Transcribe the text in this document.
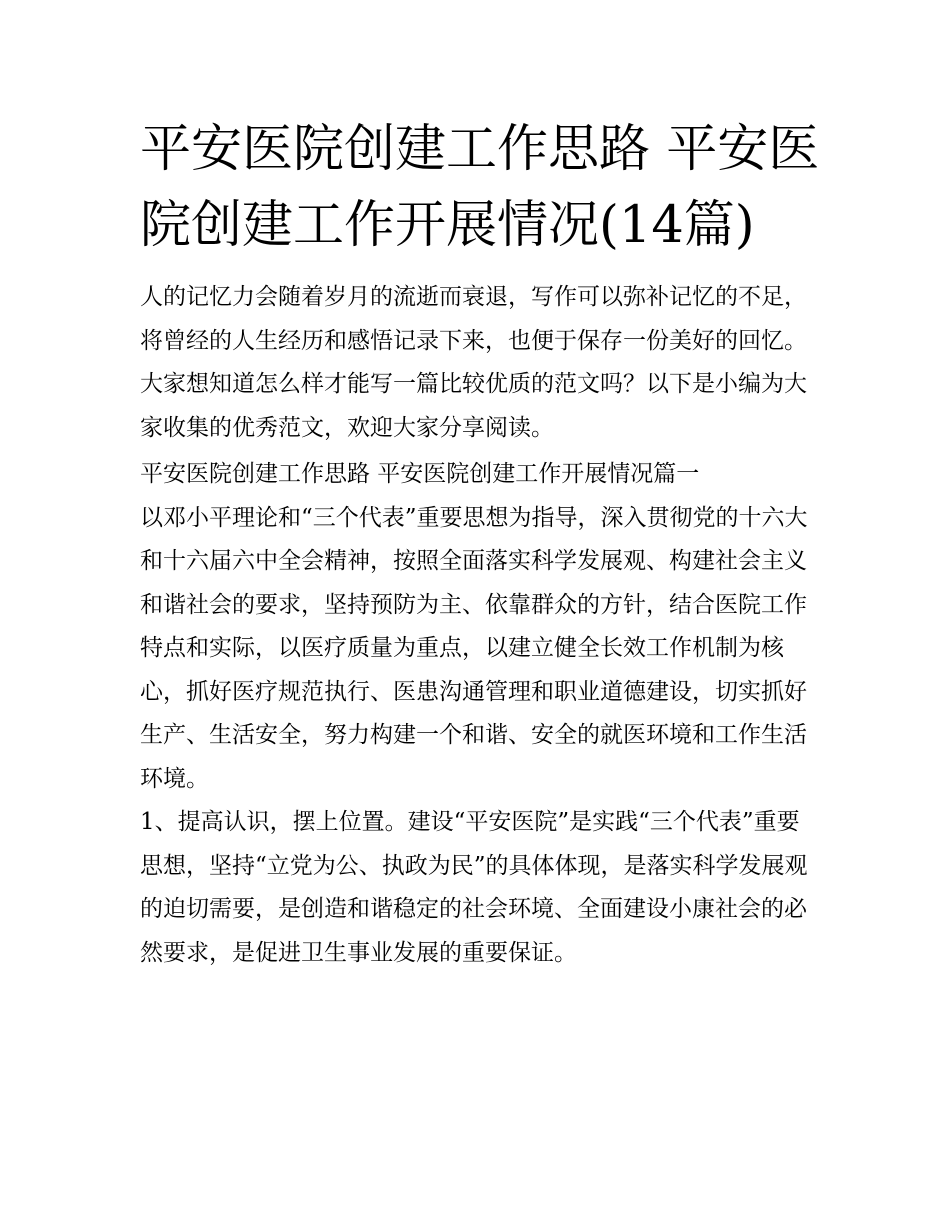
平安医院创建工作思路 平安医院创建工作开展情况(14篇)

人的记忆力会随着岁月的流逝而衰退，写作可以弥补记忆的不足，将曾经的人生经历和感悟记录下来，也便于保存一份美好的回忆。大家想知道怎么样才能写一篇比较优质的范文吗？以下是小编为大家收集的优秀范文，欢迎大家分享阅读。

平安医院创建工作思路 平安医院创建工作开展情况篇一

以邓小平理论和“三个代表”重要思想为指导，深入贯彻党的十六大和十六届六中全会精神，按照全面落实科学发展观、构建社会主义和谐社会的要求，坚持预防为主、依靠群众的方针，结合医院工作特点和实际，以医疗质量为重点，以建立健全长效工作机制为核心，抓好医疗规范执行、医患沟通管理和职业道德建设，切实抓好生产、生活安全，努力构建一个和谐、安全的就医环境和工作生活环境。

1、提高认识，摆上位置。建设“平安医院”是实践“三个代表”重要思想，坚持“立党为公、执政为民”的具体体现，是落实科学发展观的迫切需要，是创造和谐稳定的社会环境、全面建设小康社会的必然要求，是促进卫生事业发展的重要保证。
